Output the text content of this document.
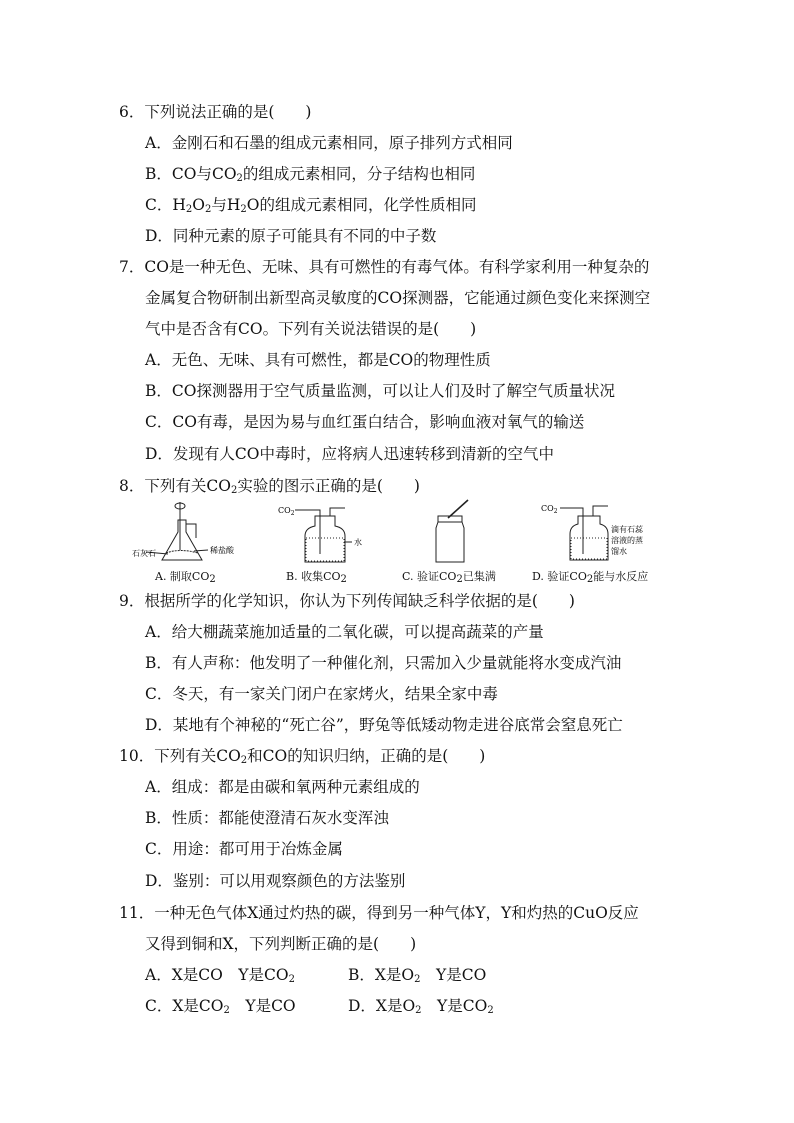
6．下列说法正确的是(　　)
A．金刚石和石墨的组成元素相同，原子排列方式相同
B．CO与$CO_2$的组成元素相同，分子结构也相同
C．$H_2O_2$与$H_2O$的组成元素相同，化学性质相同
D．同种元素的原子可能具有不同的中子数
7．CO是一种无色、无味、具有可燃性的有毒气体。有科学家利用一种复杂的
金属复合物研制出新型高灵敏度的CO探测器，它能通过颜色变化来探测空
气中是否含有CO。下列有关说法错误的是(　　)
A．无色、无味、具有可燃性，都是CO的物理性质
B．CO探测器用于空气质量监测，可以让人们及时了解空气质量状况
C．CO有毒，是因为易与血红蛋白结合，影响血液对氧气的输送
D．发现有人CO中毒时，应将病人迅速转移到清新的空气中
8．下列有关$CO_2$实验的图示正确的是(　　)
石灰石	稀盐酸
$CO_2$
水
$CO_2$
滴有石蕊
溶液的蒸
馏水
A. 制取$CO_2$	B. 收集$CO_2$	C. 验证$CO_2$已集满	D. 验证$CO_2$能与水反应
9．根据所学的化学知识，你认为下列传闻缺乏科学依据的是(　　)
A．给大棚蔬菜施加适量的二氧化碳，可以提高蔬菜的产量
B．有人声称：他发明了一种催化剂，只需加入少量就能将水变成汽油
C．冬天，有一家关门闭户在家烤火，结果全家中毒
D．某地有个神秘的“死亡谷”，野兔等低矮动物走进谷底常会窒息死亡
10．下列有关$CO_2$和CO的知识归纳，正确的是(　　)
A．组成：都是由碳和氧两种元素组成的
B．性质：都能使澄清石灰水变浑浊
C．用途：都可用于冶炼金属
D．鉴别：可以用观察颜色的方法鉴别
11．一种无色气体X通过灼热的碳，得到另一种气体Y，Y和灼热的CuO反应
又得到铜和X，下列判断正确的是(　　)
A．X是CO　Y是$CO_2$	B．X是$O_2$　Y是CO
C．X是$CO_2$　Y是CO	D．X是$O_2$　Y是$CO_2$
